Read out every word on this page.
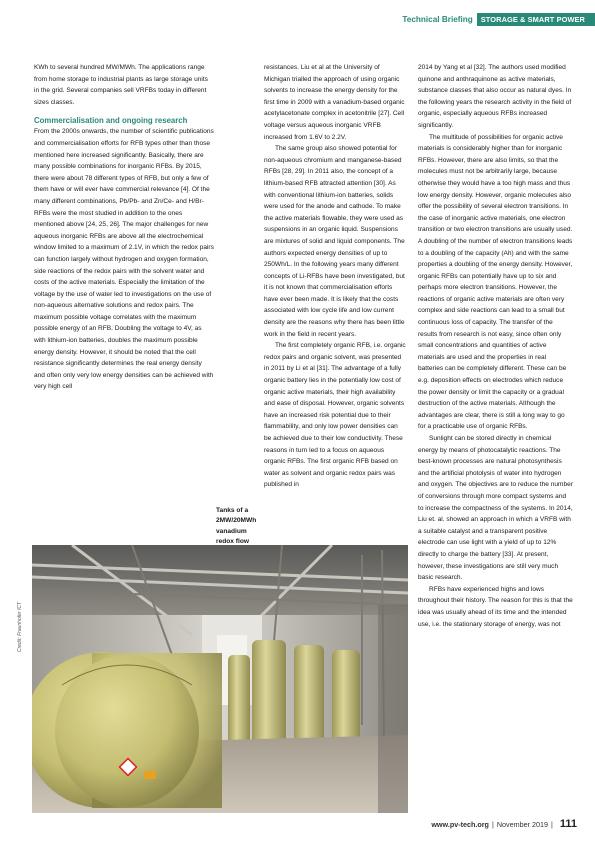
Technical Briefing	STORAGE & SMART POWER

KWh to several hundred MW/MWh. The applications range from home storage to industrial plants as large storage units in the grid. Several companies sell VRFBs today in different sizes classes.

Commercialisation and ongoing research

From the 2000s onwards, the number of scientific publications and commercialisation efforts for RFB types other than those mentioned here increased significantly. Basically, there are many possible combinations for inorganic RFBs. By 2015, there were about 78 different types of RFB, but only a few of them have or will ever have commercial relevance [4]. Of the many different combinations, Pb/Pb- and Zn/Ce- and H/Br-RFBs were the most studied in addition to the ones mentioned above [24, 25, 26]. The major challenges for new aqueous inorganic RFBs are above all the electrochemical window limited to a maximum of 2.1V, in which the redox pairs can function largely without hydrogen and oxygen formation, side reactions of the redox pairs with the solvent water and costs of the active materials. Especially the limitation of the voltage by the use of water led to investigations on the use of non-aqueous alternative solutions and redox pairs. The maximum possible voltage correlates with the maximum possible energy of an RFB. Doubling the voltage to 4V, as with lithium-ion batteries, doubles the maximum possible energy density. However, it should be noted that the cell resistance significantly determines the real energy density and often only very low energy densities can be achieved with very high cell

resistances. Liu et al at the University of Michigan trialled the approach of using organic solvents to increase the energy density for the first time in 2009 with a vanadium-based organic acetylacetonate complex in acetonitrile [27]. Cell voltage versus aqueous inorganic VRFB increased from 1.6V to 2.2V.

The same group also showed potential for non-aqueous chromium and manganese-based RFBs [28, 29]. In 2011 also, the concept of a lithium-based RFB attracted attention [30]. As with conventional lithium-ion batteries, solids were used for the anode and cathode. To make the active materials flowable, they were used as suspensions in an organic liquid. Suspensions are mixtures of solid and liquid components. The authors expected energy densities of up to 250Wh/L. In the following years many different concepts of Li-RFBs have been investigated, but it is not known that commercialisation efforts have ever been made. It is likely that the costs associated with low cycle life and low current density are the reasons why there has been little work in the field in recent years.

The first completely organic RFB, i.e. organic redox pairs and organic solvent, was presented in 2011 by Li et al [31]. The advantage of a fully organic battery lies in the potentially low cost of organic active materials, their high availability and ease of disposal. However, organic solvents have an increased risk potential due to their flammability, and only low power densities can be achieved due to their low conductivity. These reasons in turn led to a focus on aqueous organic RFBs. The first organic RFB based on water as solvent and organic redox pairs was published in

2014 by Yang et al [32]. The authors used modified quinone and anthraquinone as active materials, substance classes that also occur as natural dyes. In the following years the research activity in the field of organic, especially aqueous RFBs increased significantly.

The multitude of possibilities for organic active materials is considerably higher than for inorganic RFBs. However, there are also limits, so that the molecules must not be arbitrarily large, because otherwise they would have a too high mass and thus low energy density. However, organic molecules also offer the possibility of several electron transitions. In the case of inorganic active materials, one electron transition or two electron transitions are usually used. A doubling of the number of electron transitions leads to a doubling of the capacity (Ah) and with the same properties a doubling of the energy density. However, organic RFBs can potentially have up to six and perhaps more electron transitions. However, the reactions of organic active materials are often very complex and side reactions can lead to a small but continuous loss of capacity. The transfer of the results from research is not easy, since often only small concentrations and quantities of active materials are used and the properties in real batteries can be completely different. These can be e.g. deposition effects on electrodes which reduce the power density or limit the capacity or a gradual destruction of the active materials. Although the advantages are clear, there is still a long way to go for a practicable use of organic RFBs.

Sunlight can be stored directly in chemical energy by means of photocatalytic reactions. The best-known processes are natural photosynthesis and the artificial photolysis of water into hydrogen and oxygen. The objectives are to reduce the number of conversions through more compact systems and to increase the compactness of the systems. In 2014, Liu et. al. showed an approach in which a VRFB with a suitable catalyst and a transparent positive electrode can use light with a yield of up to 12% directly to charge the battery [33]. At present, however, these investigations are still very much basic research.

RFBs have experienced highs and lows throughout their history. The reason for this is that the idea was usually ahead of its time and the intended use, i.e. the stationary storage of energy, was not

Tanks of a 2MW/20MWh vanadium redox flow
Credit: Fraunhofer ICT
www.pv-tech.org | November 2019 | 111
